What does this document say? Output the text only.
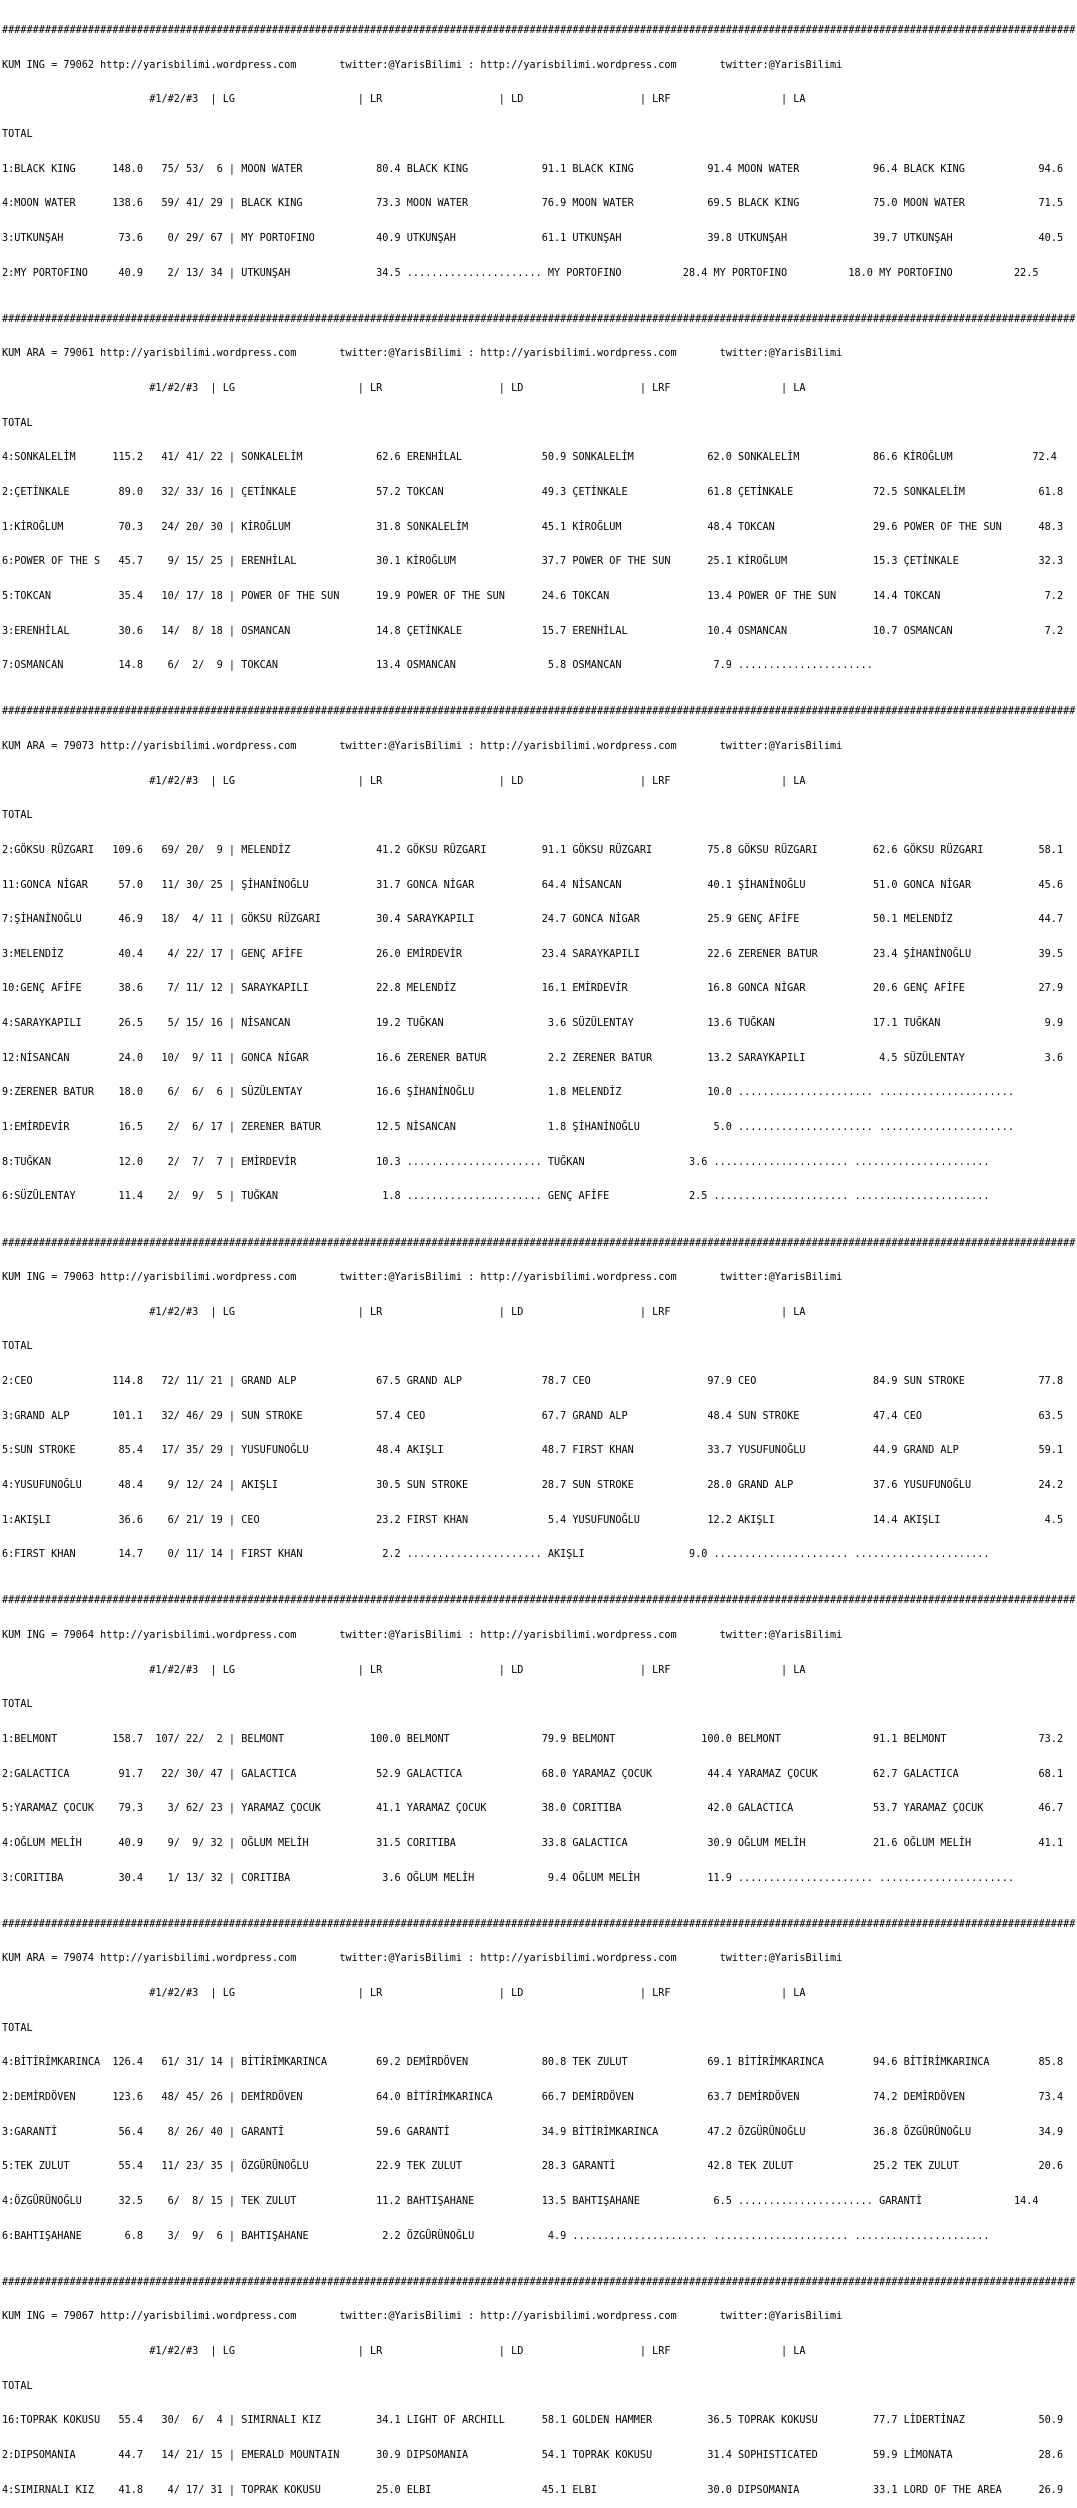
###############################################################################################################################################################################

KUM ING = 79062 http://yarisbilimi.wordpress.com       twitter:@YarisBilimi : http://yarisbilimi.wordpress.com       twitter:@YarisBilimi

#1/#2/#3  | LG                    | LR                   | LD                   | LRF                  | LA

TOTAL

1:BLACK KING      148.0   75/ 53/  6 | MOON WATER            80.4 BLACK KING            91.1 BLACK KING            91.4 MOON WATER            96.4 BLACK KING            94.6

4:MOON WATER      138.6   59/ 41/ 29 | BLACK KING            73.3 MOON WATER            76.9 MOON WATER            69.5 BLACK KING            75.0 MOON WATER            71.5

3:UTKUNŞAH         73.6    0/ 29/ 67 | MY PORTOFINO          40.9 UTKUNŞAH              61.1 UTKUNŞAH              39.8 UTKUNŞAH              39.7 UTKUNŞAH              40.5

2:MY PORTOFINO     40.9    2/ 13/ 34 | UTKUNŞAH              34.5 ...................... MY PORTOFINO          28.4 MY PORTOFINO          18.0 MY PORTOFINO          22.5

###############################################################################################################################################################################

KUM ARA = 79061 http://yarisbilimi.wordpress.com       twitter:@YarisBilimi : http://yarisbilimi.wordpress.com       twitter:@YarisBilimi

#1/#2/#3  | LG                    | LR                   | LD                   | LRF                  | LA

TOTAL

4:SONKALELİM      115.2   41/ 41/ 22 | SONKALELİM            62.6 ERENHİLAL             50.9 SONKALELİM            62.0 SONKALELİM            86.6 KİROĞLUM             72.4

2:ÇETİNKALE        89.0   32/ 33/ 16 | ÇETİNKALE             57.2 TOKCAN                49.3 ÇETİNKALE             61.8 ÇETİNKALE             72.5 SONKALELİM            61.8

1:KİROĞLUM         70.3   24/ 20/ 30 | KİROĞLUM              31.8 SONKALELİM            45.1 KİROĞLUM              48.4 TOKCAN                29.6 POWER OF THE SUN      48.3

6:POWER OF THE S   45.7    9/ 15/ 25 | ERENHİLAL             30.1 KİROĞLUM              37.7 POWER OF THE SUN      25.1 KİROĞLUM              15.3 ÇETİNKALE             32.3

5:TOKCAN           35.4   10/ 17/ 18 | POWER OF THE SUN      19.9 POWER OF THE SUN      24.6 TOKCAN                13.4 POWER OF THE SUN      14.4 TOKCAN                 7.2

3:ERENHİLAL        30.6   14/  8/ 18 | OSMANCAN              14.8 ÇETİNKALE             15.7 ERENHİLAL             10.4 OSMANCAN              10.7 OSMANCAN               7.2

7:OSMANCAN         14.8    6/  2/  9 | TOKCAN                13.4 OSMANCAN               5.8 OSMANCAN               7.9 ......................

###############################################################################################################################################################################

KUM ARA = 79073 http://yarisbilimi.wordpress.com       twitter:@YarisBilimi : http://yarisbilimi.wordpress.com       twitter:@YarisBilimi

#1/#2/#3  | LG                    | LR                   | LD                   | LRF                  | LA

TOTAL

2:GÖKSU RÜZGARI   109.6   69/ 20/  9 | MELENDİZ              41.2 GÖKSU RÜZGARI         91.1 GÖKSU RÜZGARI         75.8 GÖKSU RÜZGARI         62.6 GÖKSU RÜZGARI         58.1

11:GONCA NİGAR     57.0   11/ 30/ 25 | ŞİHANİNOĞLU           31.7 GONCA NİGAR           64.4 NİSANCAN              40.1 ŞİHANİNOĞLU           51.0 GONCA NİGAR           45.6

7:ŞİHANİNOĞLU      46.9   18/  4/ 11 | GÖKSU RÜZGARI         30.4 SARAYKAPILI           24.7 GONCA NİGAR           25.9 GENÇ AFİFE            50.1 MELENDİZ              44.7

3:MELENDİZ         40.4    4/ 22/ 17 | GENÇ AFİFE            26.0 EMİRDEVİR             23.4 SARAYKAPILI           22.6 ZERENER BATUR         23.4 ŞİHANİNOĞLU           39.5

10:GENÇ AFİFE      38.6    7/ 11/ 12 | SARAYKAPILI           22.8 MELENDİZ              16.1 EMİRDEVİR             16.8 GONCA NİGAR           20.6 GENÇ AFİFE            27.9

4:SARAYKAPILI      26.5    5/ 15/ 16 | NİSANCAN              19.2 TUĞKAN                 3.6 SÜZÜLENTAY            13.6 TUĞKAN                17.1 TUĞKAN                 9.9

12:NİSANCAN        24.0   10/  9/ 11 | GONCA NİGAR           16.6 ZERENER BATUR          2.2 ZERENER BATUR         13.2 SARAYKAPILI            4.5 SÜZÜLENTAY             3.6

9:ZERENER BATUR    18.0    6/  6/  6 | SÜZÜLENTAY            16.6 ŞİHANİNOĞLU            1.8 MELENDİZ              10.0 ...................... ......................

1:EMİRDEVİR        16.5    2/  6/ 17 | ZERENER BATUR         12.5 NİSANCAN               1.8 ŞİHANİNOĞLU            5.0 ...................... ......................

8:TUĞKAN           12.0    2/  7/  7 | EMİRDEVİR             10.3 ...................... TUĞKAN                 3.6 ...................... ......................

6:SÜZÜLENTAY       11.4    2/  9/  5 | TUĞKAN                 1.8 ...................... GENÇ AFİFE             2.5 ...................... ......................

###############################################################################################################################################################################

KUM ING = 79063 http://yarisbilimi.wordpress.com       twitter:@YarisBilimi : http://yarisbilimi.wordpress.com       twitter:@YarisBilimi

#1/#2/#3  | LG                    | LR                   | LD                   | LRF                  | LA

TOTAL

2:CEO             114.8   72/ 11/ 21 | GRAND ALP             67.5 GRAND ALP             78.7 CEO                   97.9 CEO                   84.9 SUN STROKE            77.8

3:GRAND ALP       101.1   32/ 46/ 29 | SUN STROKE            57.4 CEO                   67.7 GRAND ALP             48.4 SUN STROKE            47.4 CEO                   63.5

5:SUN STROKE       85.4   17/ 35/ 29 | YUSUFUNOĞLU           48.4 AKIŞLI                48.7 FIRST KHAN            33.7 YUSUFUNOĞLU           44.9 GRAND ALP             59.1

4:YUSUFUNOĞLU      48.4    9/ 12/ 24 | AKIŞLI                30.5 SUN STROKE            28.7 SUN STROKE            28.0 GRAND ALP             37.6 YUSUFUNOĞLU           24.2

1:AKIŞLI           36.6    6/ 21/ 19 | CEO                   23.2 FIRST KHAN             5.4 YUSUFUNOĞLU           12.2 AKIŞLI                14.4 AKIŞLI                 4.5

6:FIRST KHAN       14.7    0/ 11/ 14 | FIRST KHAN             2.2 ...................... AKIŞLI                 9.0 ...................... ......................

###############################################################################################################################################################################

KUM ING = 79064 http://yarisbilimi.wordpress.com       twitter:@YarisBilimi : http://yarisbilimi.wordpress.com       twitter:@YarisBilimi

#1/#2/#3  | LG                    | LR                   | LD                   | LRF                  | LA

TOTAL

1:BELMONT         158.7  107/ 22/  2 | BELMONT              100.0 BELMONT               79.9 BELMONT              100.0 BELMONT               91.1 BELMONT               73.2

2:GALACTICA        91.7   22/ 30/ 47 | GALACTICA             52.9 GALACTICA             68.0 YARAMAZ ÇOCUK         44.4 YARAMAZ ÇOCUK         62.7 GALACTICA             68.1

5:YARAMAZ ÇOCUK    79.3    3/ 62/ 23 | YARAMAZ ÇOCUK         41.1 YARAMAZ ÇOCUK         38.0 CORITIBA              42.0 GALACTICA             53.7 YARAMAZ ÇOCUK         46.7

4:OĞLUM MELİH      40.9    9/  9/ 32 | OĞLUM MELİH           31.5 CORITIBA              33.8 GALACTICA             30.9 OĞLUM MELİH           21.6 OĞLUM MELİH           41.1

3:CORITIBA         30.4    1/ 13/ 32 | CORITIBA               3.6 OĞLUM MELİH            9.4 OĞLUM MELİH           11.9 ...................... ......................

###############################################################################################################################################################################

KUM ARA = 79074 http://yarisbilimi.wordpress.com       twitter:@YarisBilimi : http://yarisbilimi.wordpress.com       twitter:@YarisBilimi

#1/#2/#3  | LG                    | LR                   | LD                   | LRF                  | LA

TOTAL

4:BİTİRİMKARINCA  126.4   61/ 31/ 14 | BİTİRİMKARINCA        69.2 DEMİRDÖVEN            80.8 TEK ZULUT             69.1 BİTİRİMKARINCA        94.6 BİTİRİMKARINCA        85.8

2:DEMİRDÖVEN      123.6   48/ 45/ 26 | DEMİRDÖVEN            64.0 BİTİRİMKARINCA        66.7 DEMİRDÖVEN            63.7 DEMİRDÖVEN            74.2 DEMİRDÖVEN            73.4

3:GARANTİ          56.4    8/ 26/ 40 | GARANTİ               59.6 GARANTİ               34.9 BİTİRİMKARINCA        47.2 ÖZGÜRÜNOĞLU           36.8 ÖZGÜRÜNOĞLU           34.9

5:TEK ZULUT        55.4   11/ 23/ 35 | ÖZGÜRÜNOĞLU           22.9 TEK ZULUT             28.3 GARANTİ               42.8 TEK ZULUT             25.2 TEK ZULUT             20.6

4:ÖZGÜRÜNOĞLU      32.5    6/  8/ 15 | TEK ZULUT             11.2 BAHTIŞAHANE           13.5 BAHTIŞAHANE            6.5 ...................... GARANTİ               14.4

6:BAHTIŞAHANE       6.8    3/  9/  6 | BAHTIŞAHANE            2.2 ÖZGÜRÜNOĞLU            4.9 ...................... ...................... ......................

###############################################################################################################################################################################

KUM ING = 79067 http://yarisbilimi.wordpress.com       twitter:@YarisBilimi : http://yarisbilimi.wordpress.com       twitter:@YarisBilimi

#1/#2/#3  | LG                    | LR                   | LD                   | LRF                  | LA

TOTAL

16:TOPRAK KOKUSU   55.4   30/  6/  4 | SIMIRNALI KIZ         34.1 LIGHT OF ARCHILL      58.1 GOLDEN HAMMER         36.5 TOPRAK KOKUSU         77.7 LİDERTİNAZ            50.9

2:DIPSOMANIA       44.7   14/ 21/ 15 | EMERALD MOUNTAIN      30.9 DIPSOMANIA            54.1 TOPRAK KOKUSU         31.4 SOPHISTICATED         59.9 LİMONATA              28.6

4:SIMIRNALI KIZ    41.8    4/ 17/ 31 | TOPRAK KOKUSU         25.0 ELBI                  45.1 ELBI                  30.0 DIPSOMANIA            33.1 LORD OF THE AREA      26.9
